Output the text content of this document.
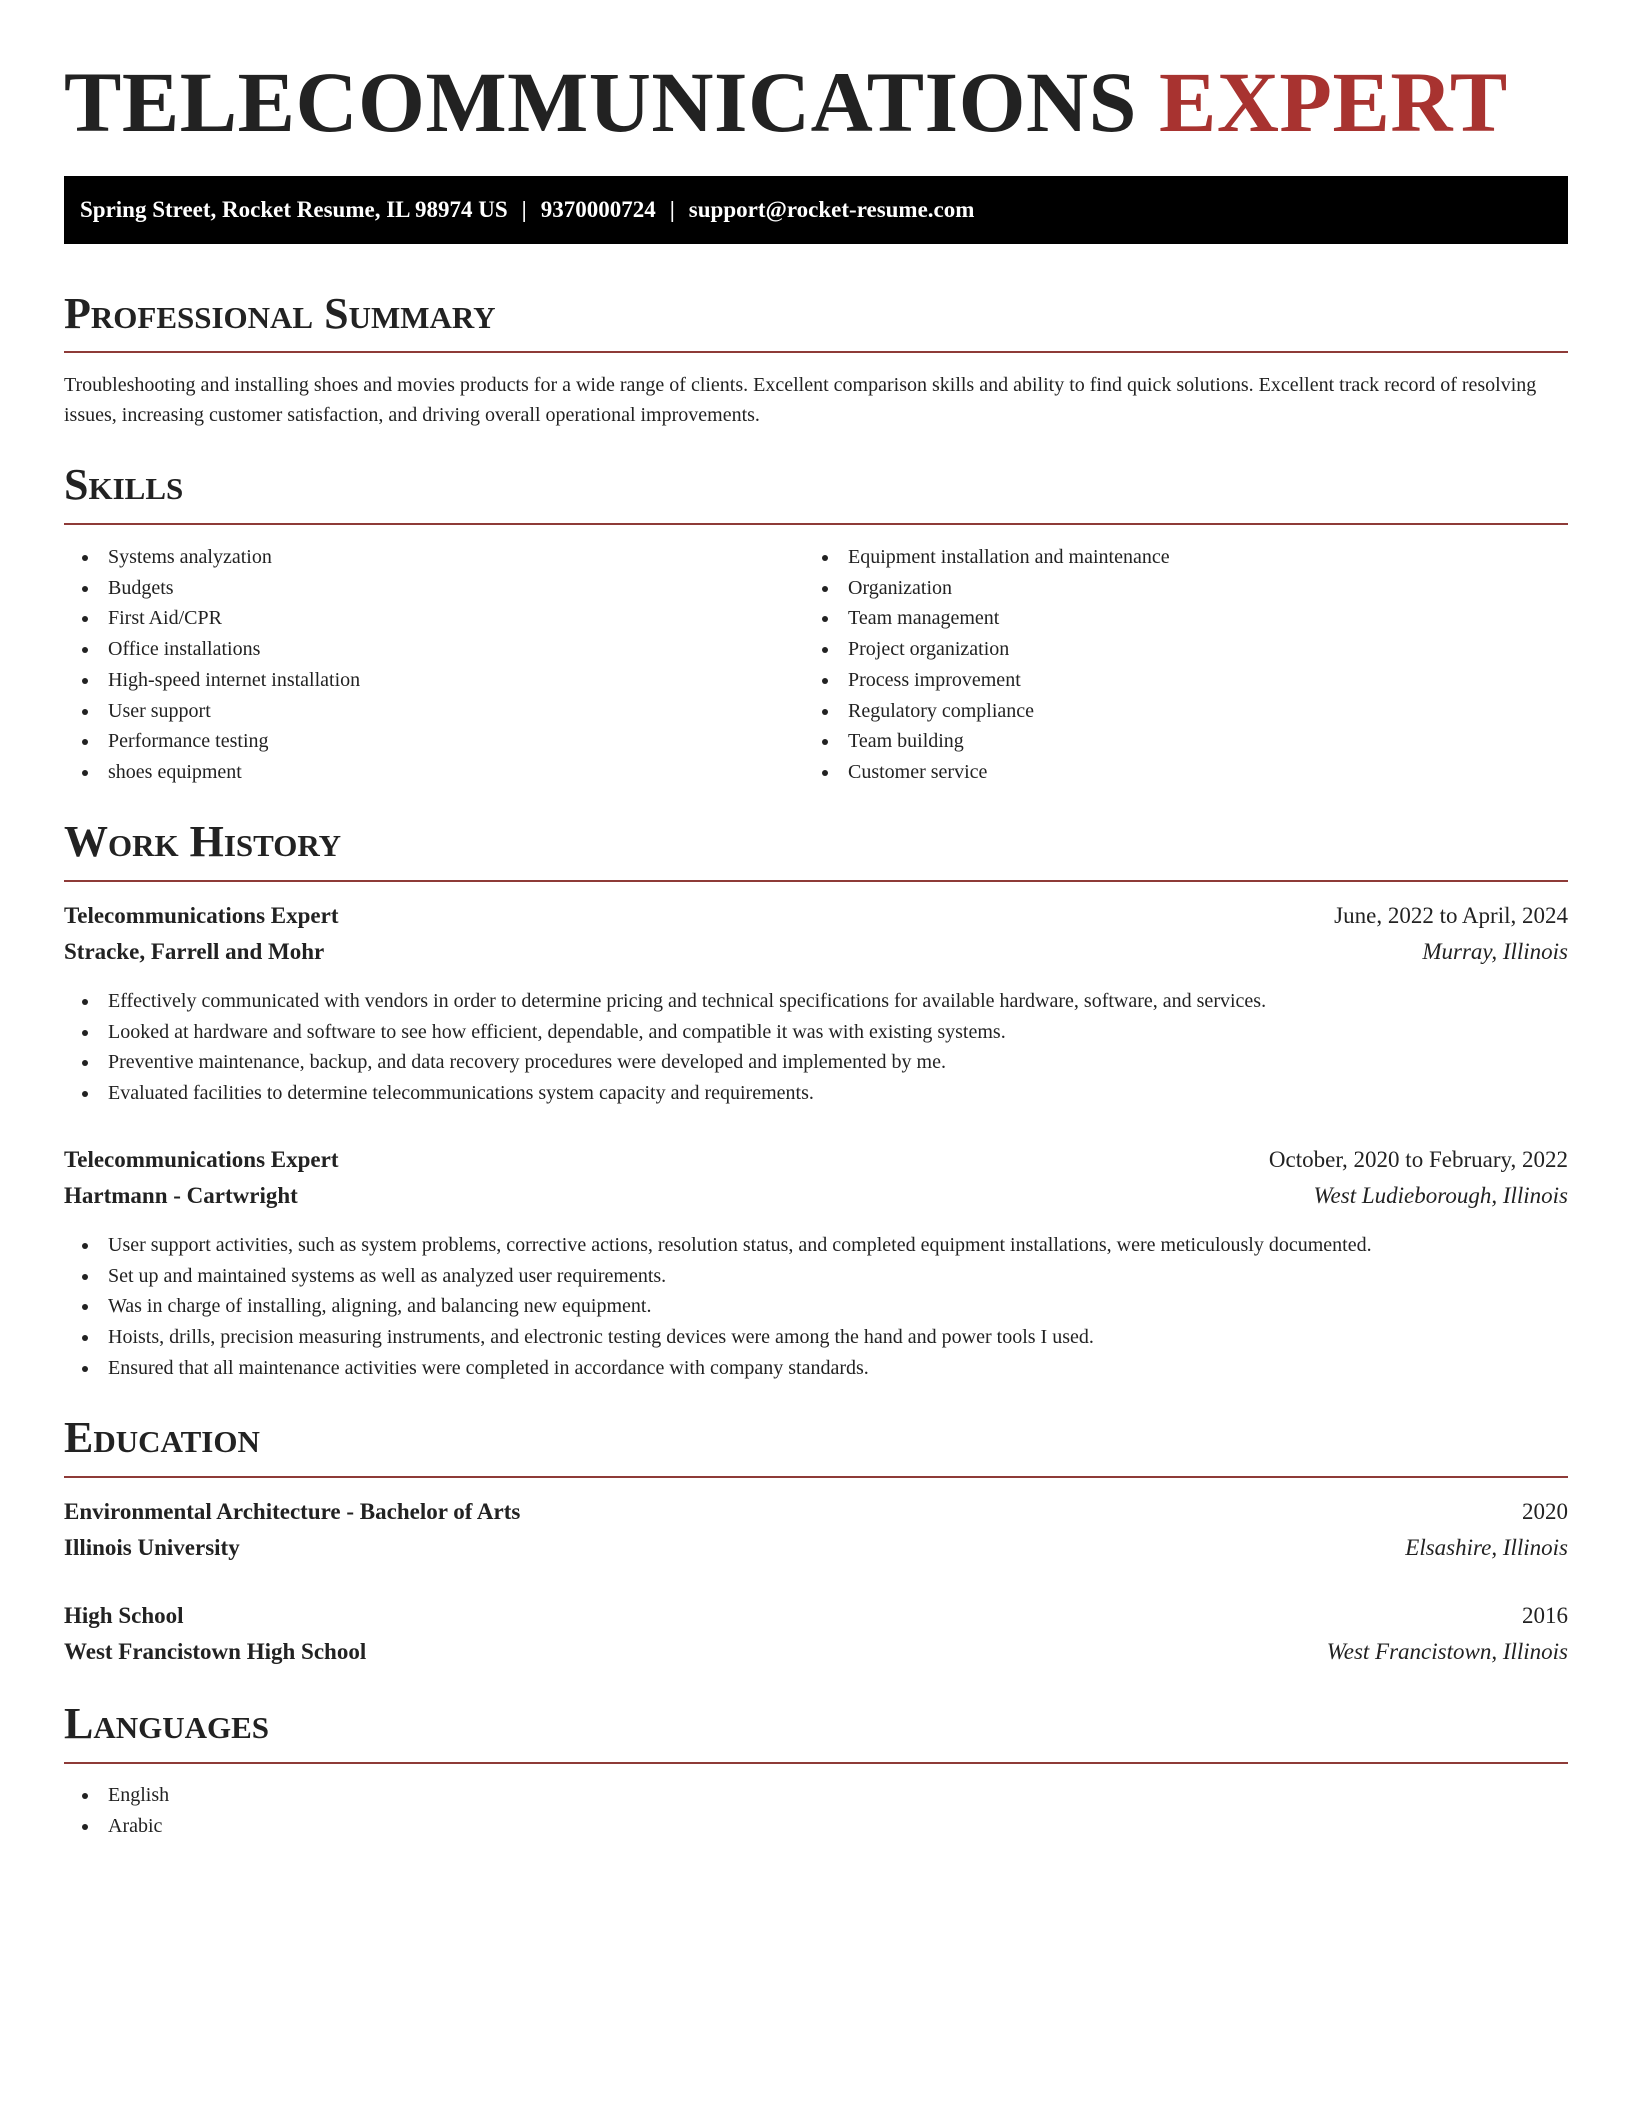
TELECOMMUNICATIONS EXPERT
Spring Street, Rocket Resume, IL 98974 US | 9370000724 | support@rocket-resume.com
Professional Summary

Troubleshooting and installing shoes and movies products for a wide range of clients. Excellent comparison skills and ability to find quick solutions. Excellent track record of resolving issues, increasing customer satisfaction, and driving overall operational improvements.

Skills
Systems analyzation
Budgets
First Aid/CPR
Office installations
High-speed internet installation
User support
Performance testing
shoes equipment
Equipment installation and maintenance
Organization
Team management
Project organization
Process improvement
Regulatory compliance
Team building
Customer service
Work History
Telecommunications Expert	June, 2022 to April, 2024
Stracke, Farrell and Mohr	Murray, Illinois
Effectively communicated with vendors in order to determine pricing and technical specifications for available hardware, software, and services.
Looked at hardware and software to see how efficient, dependable, and compatible it was with existing systems.
Preventive maintenance, backup, and data recovery procedures were developed and implemented by me.
Evaluated facilities to determine telecommunications system capacity and requirements.
Telecommunications Expert	October, 2020 to February, 2022
Hartmann - Cartwright	West Ludieborough, Illinois
User support activities, such as system problems, corrective actions, resolution status, and completed equipment installations, were meticulously documented.
Set up and maintained systems as well as analyzed user requirements.
Was in charge of installing, aligning, and balancing new equipment.
Hoists, drills, precision measuring instruments, and electronic testing devices were among the hand and power tools I used.
Ensured that all maintenance activities were completed in accordance with company standards.
Education
Environmental Architecture - Bachelor of Arts	2020
Illinois University	Elsashire, Illinois
High School	2016
West Francistown High School	West Francistown, Illinois
Languages
English
Arabic
